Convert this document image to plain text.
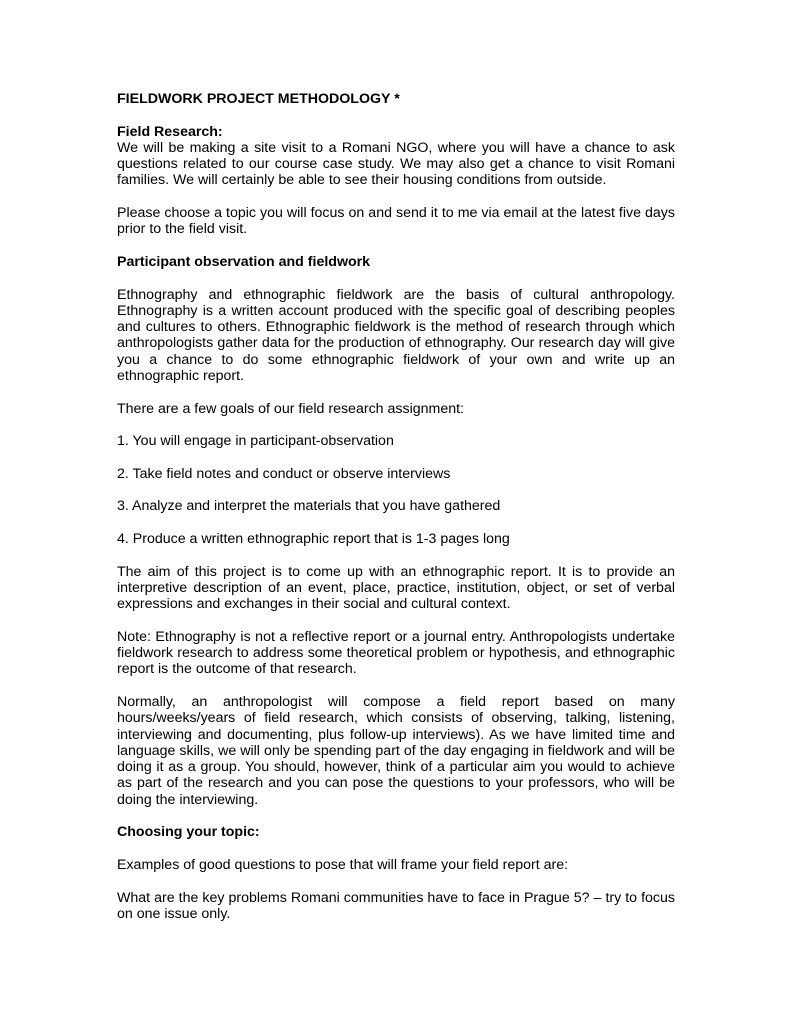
FIELDWORK PROJECT METHODOLOGY *

Field Research:

We will be making a site visit to a Romani NGO, where you will have a chance to ask questions related to our course case study. We may also get a chance to visit Romani families. We will certainly be able to see their housing conditions from outside.

Please choose a topic you will focus on and send it to me via email at the latest five days prior to the field visit.

Participant observation and fieldwork

Ethnography and ethnographic fieldwork are the basis of cultural anthropology. Ethnography is a written account produced with the specific goal of describing peoples and cultures to others. Ethnographic fieldwork is the method of research through which anthropologists gather data for the production of ethnography. Our research day will give you a chance to do some ethnographic fieldwork of your own and write up an ethnographic report.

There are a few goals of our field research assignment:

1. You will engage in participant-observation

2. Take field notes and conduct or observe interviews

3. Analyze and interpret the materials that you have gathered

4. Produce a written ethnographic report that is 1-3 pages long

The aim of this project is to come up with an ethnographic report. It is to provide an interpretive description of an event, place, practice, institution, object, or set of verbal expressions and exchanges in their social and cultural context.

Note: Ethnography is not a reflective report or a journal entry. Anthropologists undertake fieldwork research to address some theoretical problem or hypothesis, and ethnographic report is the outcome of that research.

Normally, an anthropologist will compose a field report based on many hours/weeks/years of field research, which consists of observing, talking, listening, interviewing and documenting, plus follow-up interviews). As we have limited time and language skills, we will only be spending part of the day engaging in fieldwork and will be doing it as a group. You should, however, think of a particular aim you would to achieve as part of the research and you can pose the questions to your professors, who will be doing the interviewing.

Choosing your topic:

Examples of good questions to pose that will frame your field report are:

What are the key problems Romani communities have to face in Prague 5? – try to focus on one issue only.
